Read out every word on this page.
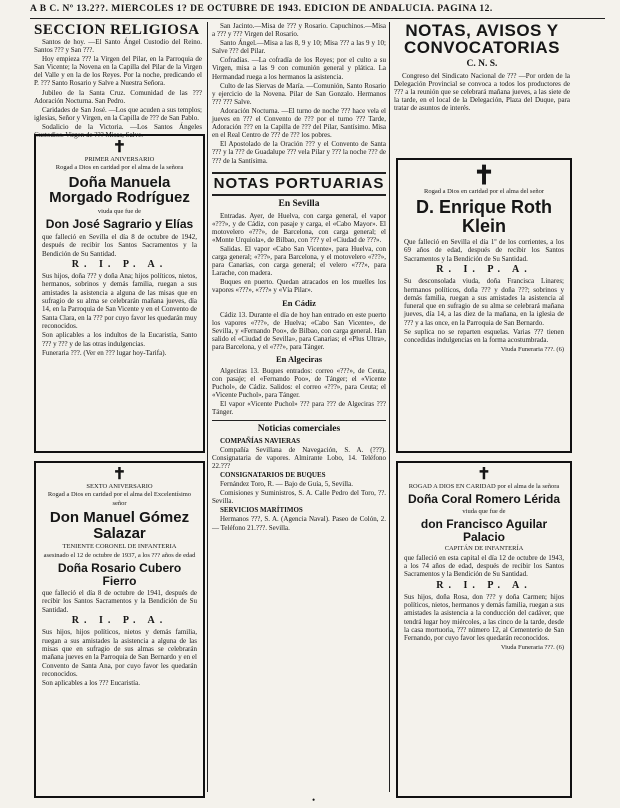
A B C. Nº 13.2??. MIERCOLES 1? DE OCTUBRE DE 1943. EDICION DE ANDALUCIA. PAGINA 12.
SECCION RELIGIOSA

Santos de hoy. —El Santo Ángel Custodio del Reino. Santos ??? y San ???.

Hoy empieza ??? la Virgen del Pilar, en la Parroquia de San Vicente; la Novena en la Capilla del Pilar de la Virgen del Valle y en la de los Reyes. Por la noche, predicando el P. ??? Santo Rosario y Salve a Nuestra Señora.

Jubileo de la Santa Cruz. Comunidad de las ??? Adoración Nocturna. San Pedro.

Caridades de San José. —Los que acuden a sus templos; iglesias, Señor y Virgen, en la Capilla de ??? de San Pablo.

Sodalicio de la Victoria. —Los Santos Ángeles Custodios. Virgen de ??? Misas, Salve.

✝
PRIMER ANIVERSARIO
Rogad a Dios en caridad por el alma de la señora
Doña Manuela Morgado Rodríguez
viuda que fue de
Don José Sagrario y Elías

que falleció en Sevilla el día 8 de octubre de 1942, después de recibir los Santos Sacramentos y la Bendición de Su Santidad.

R. I. P. A.

Sus hijos, doña ??? y doña Ana; hijos políticos, nietos, hermanos, sobrinos y demás familia, ruegan a sus amistades la asistencia a alguna de las misas que en sufragio de su alma se celebrarán mañana jueves, día 14, en la Parroquia de San Vicente y en el Convento de Santa Clara, en la ??? por cuyo favor les quedarán muy reconocidos.

Son aplicables a los indultos de la Eucaristía, Santo ??? y ??? y de las otras indulgencias.

Funeraria ???. (Ver en ??? lugar hoy-Tarifa).

✝
SEXTO ANIVERSARIO
Rogad a Dios en caridad por el alma del Excelentísimo señor
Don Manuel Gómez Salazar
TENIENTE CORONEL DE INFANTERIA
asesinado el 12 de octubre de 1937, a los ??? años de edad
Doña Rosario Cubero Fierro

que falleció el día 8 de octubre de 1941, después de recibir los Santos Sacramentos y la Bendición de Su Santidad.

R. I. P. A.

Sus hijos, hijos políticos, nietos y demás familia, ruegan a sus amistades la asistencia a alguna de las misas que en sufragio de sus almas se celebrarán mañana jueves en la Parroquia de San Bernardo y en el Convento de Santa Ana, por cuyo favor les quedarán reconocidos.

Son aplicables a los ??? Eucaristía.

San Jacinto.—Misa de ??? y Rosario. Capuchinos.—Misa a ??? y ??? Virgen del Rosario.

Santo Ángel.—Misa a las 8, 9 y 10; Misa ??? a las 9 y 10; Salve ??? del Pilar.

Cofradías. —La cofradía de los Reyes; por el culto a su Virgen, misa a las 9 con comunión general y plática. La Hermandad ruega a los hermanos la asistencia.

Culto de las Siervas de María. —Comunión, Santo Rosario y ejercicio de la Novena. Pilar de San Gonzalo. Hermanos ??? ??? Salve.

Adoración Nocturna. —El turno de noche ??? hace vela el jueves en ??? el Convento de ??? por el turno ??? Tarde, Adoración ??? en la Capilla de ??? del Pilar, Santísimo. Misa en el Real Centro de ??? de ??? los pobres.

El Apostolado de la Oración ??? y el Convento de Santa ??? y la ??? de Guadalupe ??? vela Pilar y ??? la noche ??? de ??? de la Santísima.

NOTAS PORTUARIAS
En Sevilla

Entradas. Ayer, de Huelva, con carga general, el vapor «???», y de Cádiz, con pasaje y carga, el «Cabo Mayor». El motovelero «???», de Barcelona, con carga general; el «Monte Urquiola», de Bilbao, con ??? y el «Ciudad de ???».

Salidas. El vapor «Cabo San Vicente», para Huelva, con carga general; «???», para Barcelona, y el motovelero «???», para Canarias, con carga general; el velero «???», para Larache, con madera.

Buques en puerto. Quedan atracados en los muelles los vapores «???», «???» y «Vía Pilar».

En Cádiz

Cádiz 13. Durante el día de hoy han entrado en este puerto los vapores «???», de Huelva; «Cabo San Vicente», de Sevilla, y «Fernando Poo», de Bilbao, con carga general. Han salido el «Ciudad de Sevilla», para Canarias; el «Plus Ultra», para Barcelona, y el «???», para Tánger.

En Algeciras

Algeciras 13. Buques entrados: correo «???», de Ceuta, con pasaje; el «Fernando Poo», de Tánger; el «Vicente Puchol», de Cádiz. Salidos: el correo «???», para Ceuta; el «Vicente Puchol», para Tánger.

El vapor «Vicente Puchol» ??? para ??? de Algeciras ??? Tánger.

Noticias comerciales

COMPAÑÍAS NAVIERAS

Compañía Sevillana de Navegación, S. A. (???). Consignataria de vapores. Almirante Lobo, 14. Teléfono 22.???

CONSIGNATARIOS DE BUQUES

Fernández Toro, R. — Bajo de Guía, 5, Sevilla.

Comisiones y Suministros, S. A. Calle Pedro del Toro, ??. Sevilla.

SERVICIOS MARÍTIMOS

Hermanos ???, S. A. (Agencia Naval). Paseo de Colón, 2. — Teléfono 21.???. Sevilla.

NOTAS, AVISOS Y CONVOCATORIAS
C. N. S.

Congreso del Sindicato Nacional de ??? —Por orden de la Delegación Provincial se convoca a todos los productores de ??? a la reunión que se celebrará mañana jueves, a las siete de la tarde, en el local de la Delegación, Plaza del Duque, para tratar de asuntos de interés.

✝
Rogad a Dios en caridad por el alma del señor
D. Enrique Roth Klein

Que falleció en Sevilla el día 1º de los corrientes, a los 69 años de edad, después de recibir los Santos Sacramentos y la Bendición de Su Santidad.

R. I. P. A.

Su desconsolada viuda, doña Francisca Linares; hermanos políticos, doña ??? y doña ???; sobrinos y demás familia, ruegan a sus amistades la asistencia al funeral que en sufragio de su alma se celebrará mañana jueves, día 14, a las diez de la mañana, en la iglesia de ??? y a las once, en la Parroquia de San Bernardo.

Se suplica no se reparten esquelas. Varias ??? tienen concedidas indulgencias en la forma acostumbrada.

Viuda Funeraria ???. (6)
✝
ROGAD A DIOS EN CARIDAD por el alma de la señora
Doña Coral Romero Lérida
viuda que fue de
don Francisco Aguilar Palacio
CAPITÁN DE INFANTERÍA

que falleció en esta capital el día 12 de octubre de 1943, a los 74 años de edad, después de recibir los Santos Sacramentos y la Bendición de Su Santidad.

R. I. P. A.

Sus hijos, doña Rosa, don ??? y doña Carmen; hijos políticos, nietos, hermanos y demás familia, ruegan a sus amistades la asistencia a la conducción del cadáver, que tendrá lugar hoy miércoles, a las cinco de la tarde, desde la casa mortuoria, ??? número 12, al Cementerio de San Fernando, por cuyo favor les quedarán reconocidos.

Viuda Funeraria ???. (6)
•
